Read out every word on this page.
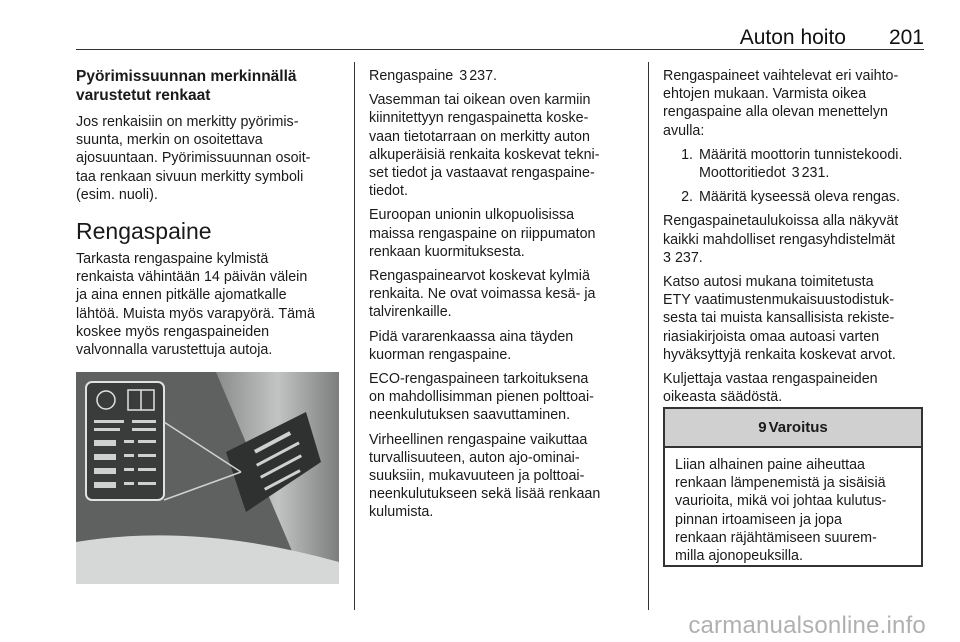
Auton hoito 201
Pyörimissuunnan merkinnällä
varustetut renkaat

Jos renkaisiin on merkitty pyörimis-
suunta, merkin on osoitettava
ajosuuntaan. Pyörimissuunnan osoit-
taa renkaan sivuun merkitty symboli
(esim. nuoli).

Rengaspaine

Tarkasta rengaspaine kylmistä
renkaista vähintään 14 päivän välein
ja aina ennen pitkälle ajomatkalle
lähtöä. Muista myös varapyörä. Tämä
koskee myös rengaspaineiden
valvonnalla varustettuja autoja.

Rengaspaine 3 237.

Vasemman tai oikean oven karmiin
kiinnitettyyn rengaspainetta koske-
vaan tietotarraan on merkitty auton
alkuperäisiä renkaita koskevat tekni-
set tiedot ja vastaavat rengaspaine-
tiedot.

Euroopan unionin ulkopuolisissa
maissa rengaspaine on riippumaton
renkaan kuormituksesta.

Rengaspainearvot koskevat kylmiä
renkaita. Ne ovat voimassa kesä- ja
talvirenkaille.

Pidä vararenkaassa aina täyden
kuorman rengaspaine.

ECO-rengaspaineen tarkoituksena
on mahdollisimman pienen polttoai-
neenkulutuksen saavuttaminen.

Virheellinen rengaspaine vaikuttaa
turvallisuuteen, auton ajo-ominai-
suuksiin, mukavuuteen ja polttoai-
neenkulutukseen sekä lisää renkaan
kulumista.

Rengaspaineet vaihtelevat eri vaihto-
ehtojen mukaan. Varmista oikea
rengaspaine alla olevan menettelyn
avulla:

1. Määritä moottorin tunnistekoodi.
Moottoritiedot 3 231.
2. Määritä kyseessä oleva rengas.

Rengaspainetaulukoissa alla näkyvät
kaikki mahdolliset rengasyhdistelmät
3 237.

Katso autosi mukana toimitetusta
ETY vaatimustenmukaisuustodistuk-
sesta tai muista kansallisista rekiste-
riasiakirjoista omaa autoasi varten
hyväksyttyjä renkaita koskevat arvot.

Kuljettaja vastaa rengaspaineiden
oikeasta säädöstä.

9 Varoitus
Liian alhainen paine aiheuttaa
renkaan lämpenemistä ja sisäisiä
vaurioita, mikä voi johtaa kulutus-
pinnan irtoamiseen ja jopa
renkaan räjähtämiseen suurem-
milla ajonopeuksilla.
carmanualsonline.info
